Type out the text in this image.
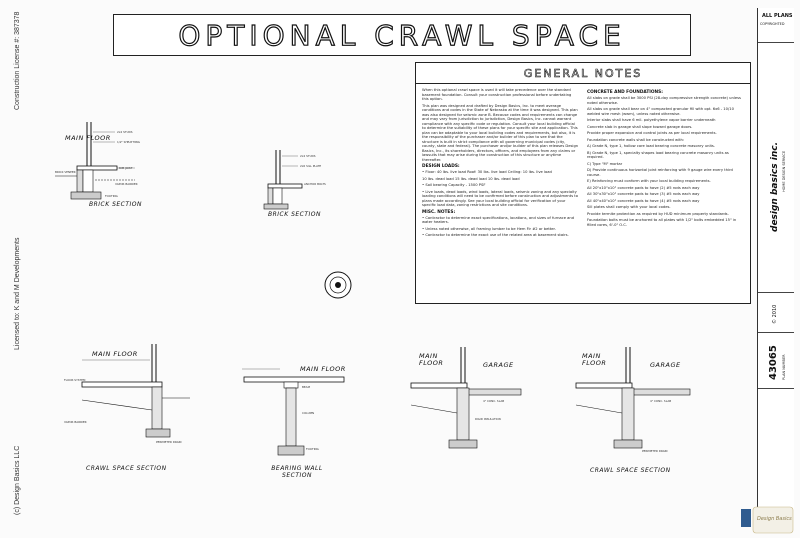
Construction License #: 387378
Licensed to: K and M Developments
(c) Design Basics LLC
OPTIONAL CRAWL SPACE
GENERAL NOTES
When this optional crawl space is used it will take precedence over the standard basement foundation. Consult your construction professional before undertaking this option.
This plan was designed and drafted by Design Basics, Inc. to meet average conditions and codes in the State of Nebraska at the time it was designed. This plan was also designed for seismic zone B. Because codes and requirements can change and may vary from jurisdiction to jurisdiction, Design Basics, Inc. cannot warrant compliance with any specific code or regulation. Consult your local building official to determine the suitability of these plans for your specific site and application. This plan can be adaptable to your local building codes and requirements, but also, it is the responsibility of the purchaser and/or builder of this plan to see that the structure is built in strict compliance with all governing municipal codes (city, county, state and federal). The purchaser and/or builder of this plan releases Design Basics, Inc., its shareholders, directors, officers, and employees from any claims or lawsuits that may arise during the construction of this structure or anytime thereafter.
DESIGN LOADS:
• Floor: 40 lbs. live load Roof: 30 lbs. live load Ceiling: 10 lbs. live load
10 lbs. dead load 15 lbs. dead load 10 lbs. dead load
• Soil bearing Capacity - 1500 PSF
• Live loads, dead loads, wind loads, lateral loads, seismic zoning and any specialty loading conditions will need to be confirmed before construction and adjustments to plans made accordingly. See your local building official for verification of your specific load data, zoning restrictions and site conditions.
MISC. NOTES:
• Contractor to determine exact specifications, locations, and sizes of furnace and water heaters.
• Unless noted otherwise, all framing lumber to be Hem Fir #2 or better.
• Contractor to determine the exact use of the related area at basement stairs.
CONCRETE AND FOUNDATIONS:
All slabs on grade shall be 3000 PSI (28-day compressive strength concrete) unless noted otherwise.
All slabs on grade shall bear on 4" compacted granular fill with opt. 6x6 - 10/10 welded wire mesh (wwm), unless noted otherwise.
Interior slabs shall have 6 mil. polyethylene vapor barrier underneath
Concrete slab in garage shall slope toward garage doors.
Provide proper expansion and control joints as per local requirements.
Foundation concrete walls shall be constructed with:
A) Grade N, type 1, hollow core load bearing concrete masonry units.
B) Grade N, type 1, specialty shapes load bearing concrete masonry units as required.
C) Type "M" mortar
D) Provide continuous horizontal joint reinforcing with 9 gauge wire every third course.
E) Reinforcing must conform with your local building requirements.
All 20"x10"x10" concrete pads to have (2) #5 rods each way
All 30"x30"x10" concrete pads to have (3) #5 rods each way
All 40"x40"x10" concrete pads to have (4) #5 rods each way
Sill plates shall comply with your local codes.
Provide termite protection as required by HUD minimum property standards.
Foundation bolts must be anchored to all plates with 1/2" bolts embedded 15" in filled cores, 6'-0" O.C.
MAIN FLOOR
2x4 STUDS
1/2" SHEATHING
RIM JOIST
BRICK VENEER
VAPOR BARRIER
FOOTING
BRICK SECTION
2x4 STUDS
2x6 SILL PLATE
ANCHOR BOLTS
BRICK SECTION
MAIN FLOOR
FLOOR SYSTEM
VAPOR BARRIER
PERIMETER DRAIN
CRAWL SPACE SECTION
MAIN FLOOR
BEAM
COLUMN
FOOTING
BEARING WALL SECTION
MAIN FLOOR	GARAGE
4" CONC. SLAB
RIGID INSULATION
MAIN FLOOR	GARAGE
4" CONC. SLAB
PERIMETER DRAIN
CRAWL SPACE SECTION
ALL PLANS
COPYRIGHTED
design basics inc. HOME DESIGN SERVICE
© 2010
43065 PLAN NUMBER
Design Basics
